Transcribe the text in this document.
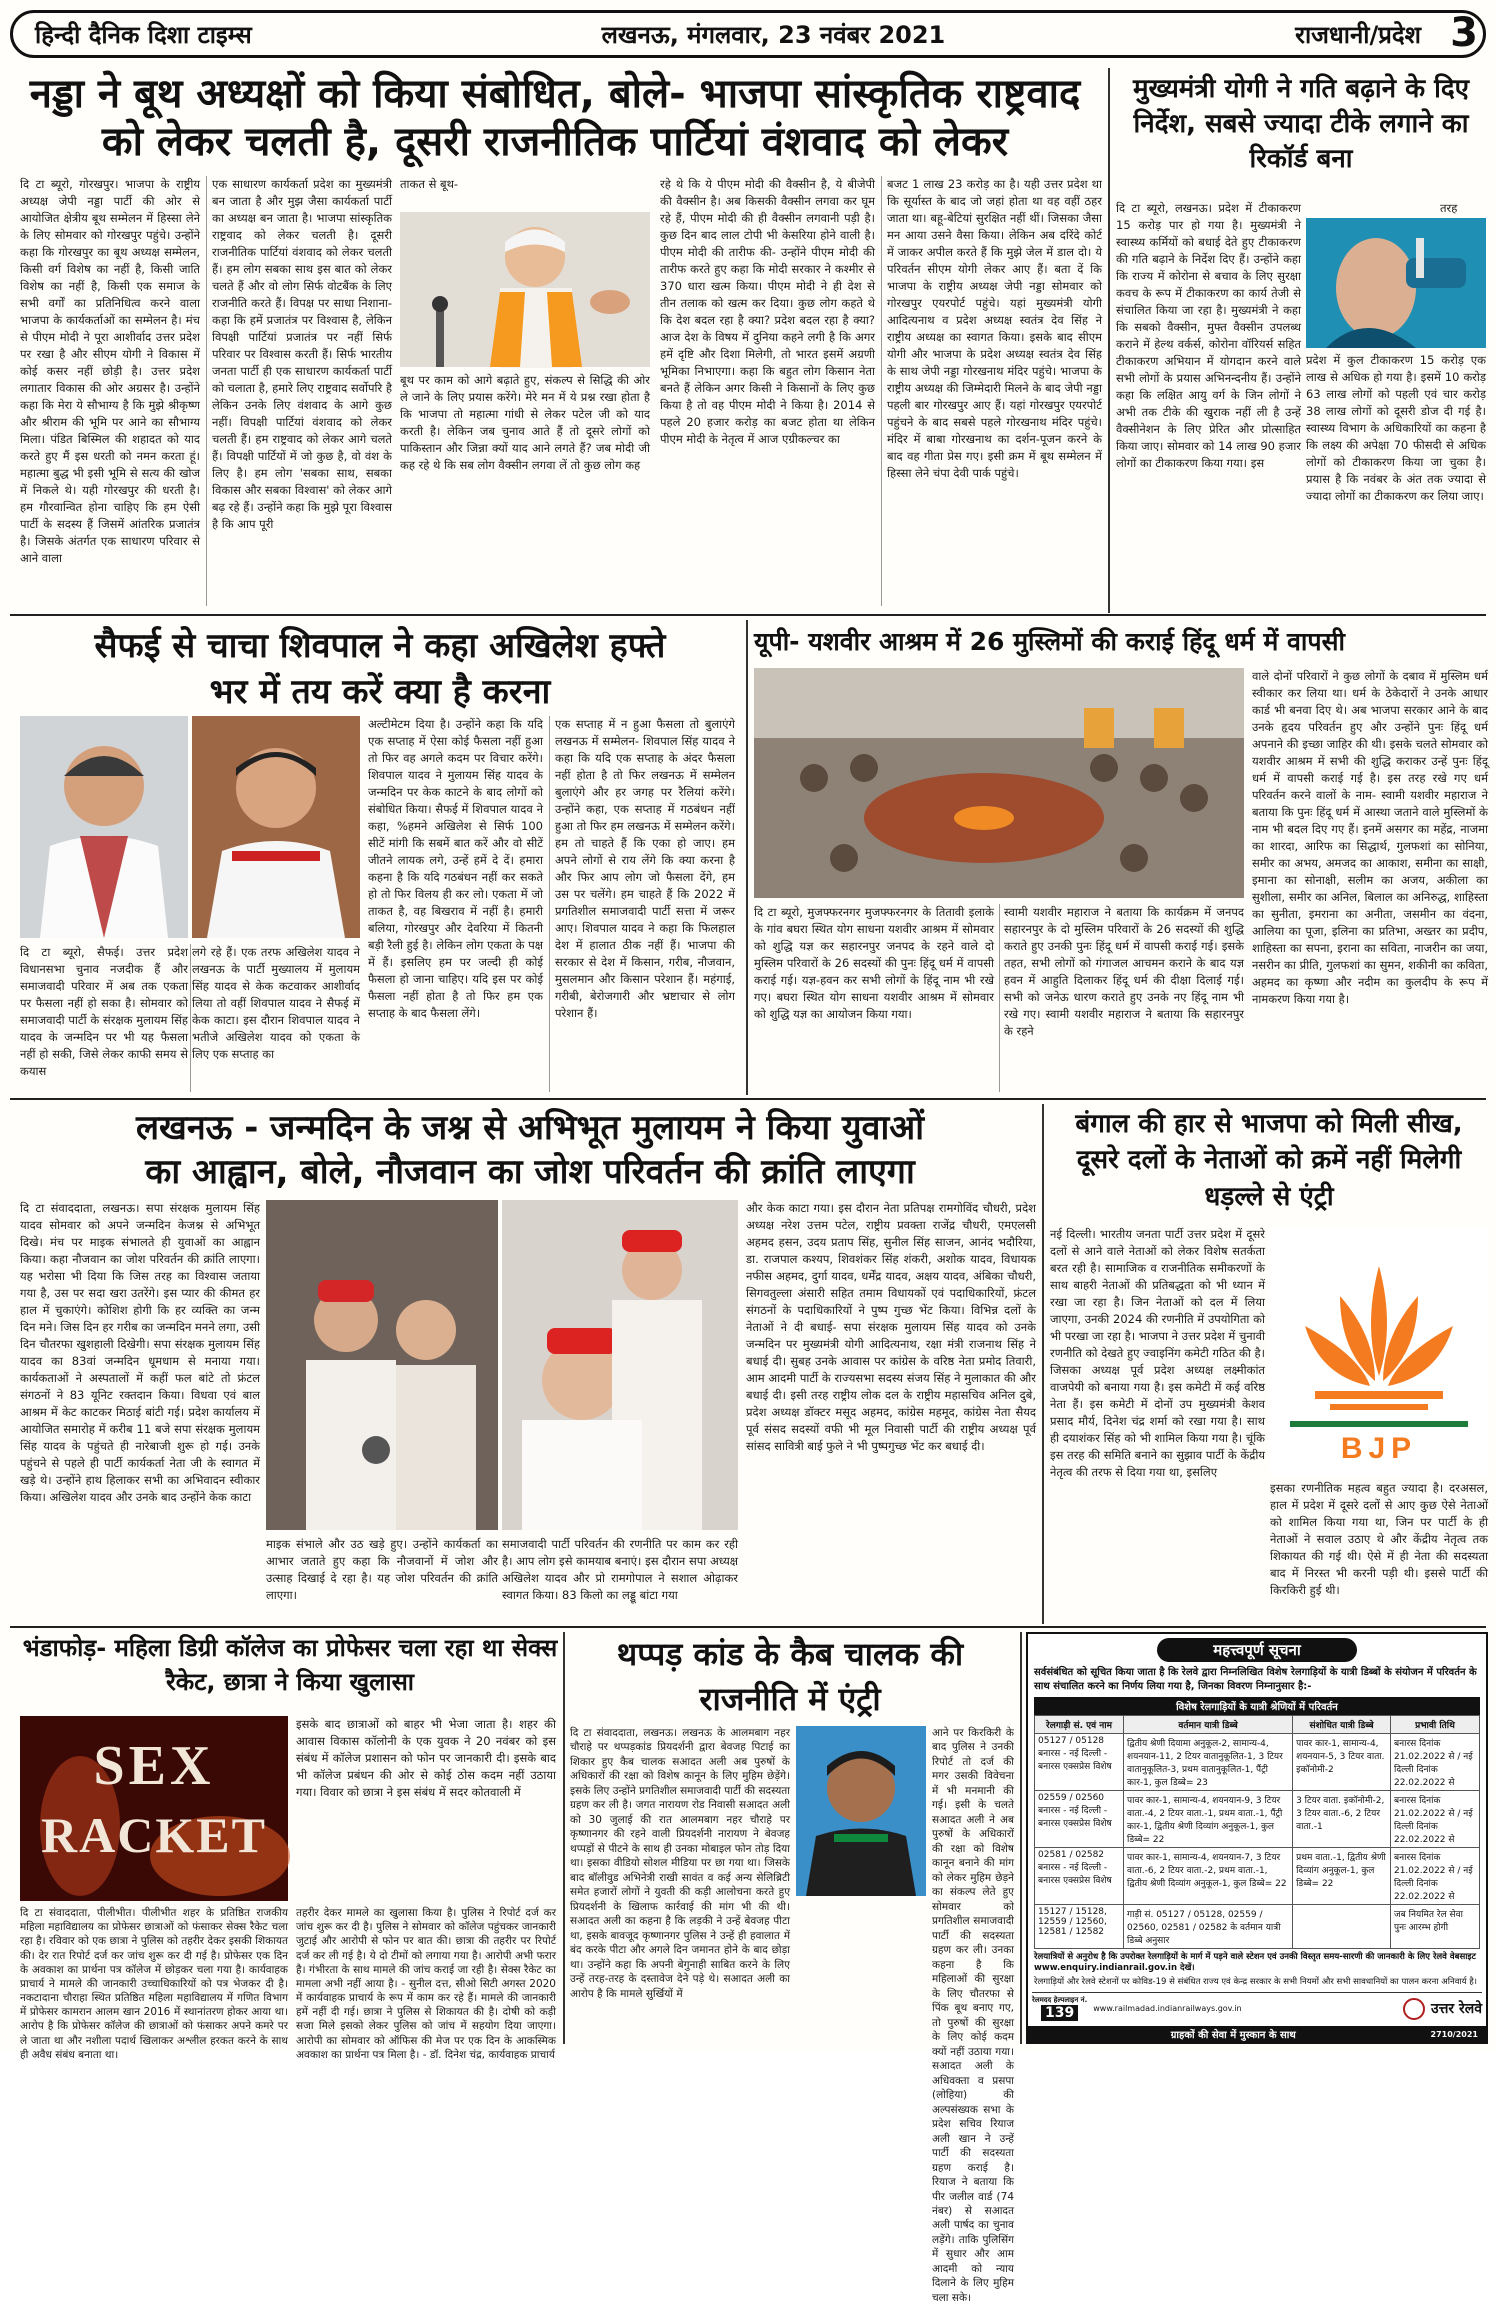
हिन्दी दैनिक दिशा टाइम्स	लखनऊ, मंगलवार, 23 नवंबर 2021	राजधानी/प्रदेश 3
नड्डा ने बूथ अध्यक्षों को किया संबोधित, बोले- भाजपा सांस्कृतिक राष्ट्रवाद
को लेकर चलती है, दूसरी राजनीतिक पार्टियां वंशवाद को लेकर
दि टा ब्यूरो, गोरखपुर। भाजपा के राष्ट्रीय अध्यक्ष जेपी नड्डा पार्टी की ओर से आयोजित क्षेत्रीय बूथ सम्मेलन में हिस्सा लेने के लिए सोमवार को गोरखपुर पहुंचे। उन्होंने कहा कि गोरखपुर का बूथ अध्यक्ष सम्मेलन, किसी वर्ग विशेष का नहीं है, किसी जाति विशेष का नहीं है, किसी एक समाज के सभी वर्गों का प्रतिनिधित्व करने वाला भाजपा के कार्यकर्ताओं का सम्मेलन है। मंच से पीएम मोदी ने पूरा आशीर्वाद उत्तर प्रदेश पर रखा है और सीएम योगी ने विकास में कोई कसर नहीं छोड़ी है। उत्तर प्रदेश लगातार विकास की ओर अग्रसर है। उन्होंने कहा कि मेरा ये सौभाग्य है कि मुझे श्रीकृष्ण और श्रीराम की भूमि पर आने का सौभाग्य मिला। पंडित बिस्मिल की शहादत को याद करते हुए मैं इस धरती को नमन करता हूं। महात्मा बुद्ध भी इसी भूमि से सत्य की खोज में निकले थे। यही गोरखपुर की धरती है। हम गौरवान्वित होना चाहिए कि हम ऐसी पार्टी के सदस्य हैं जिसमें आंतरिक प्रजातंत्र है। जिसके अंतर्गत एक साधारण परिवार से आने वाला
एक साधारण कार्यकर्ता प्रदेश का मुख्यमंत्री बन जाता है और मुझ जैसा कार्यकर्ता पार्टी का अध्यक्ष बन जाता है। भाजपा सांस्कृतिक राष्ट्रवाद को लेकर चलती है। दूसरी राजनीतिक पार्टियां वंशवाद को लेकर चलती हैं। हम लोग सबका साथ इस बात को लेकर चलते हैं और वो लोग सिर्फ वोटबैंक के लिए राजनीति करते हैं। विपक्ष पर साधा निशाना- कहा कि हमें प्रजातंत्र पर विश्वास है, लेकिन विपक्षी पार्टियां प्रजातंत्र पर नहीं सिर्फ परिवार पर विश्वास करती हैं। सिर्फ भारतीय जनता पार्टी ही एक साधारण कार्यकर्ता पार्टी को चलाता है, हमारे लिए राष्ट्रवाद सर्वोपरि है लेकिन उनके लिए वंशवाद के आगे कुछ नहीं। विपक्षी पार्टियां वंशवाद को लेकर चलती हैं। हम राष्ट्रवाद को लेकर आगे चलते हैं। विपक्षी पार्टियों में जो कुछ है, वो वंश के लिए है। हम लोग 'सबका साथ, सबका विकास और सबका विश्वास' को लेकर आगे बढ़ रहे हैं। उन्होंने कहा कि मुझे पूरा विश्वास है कि आप पूरी
ताकत से बूथ-
बूथ पर काम को आगे बढ़ाते हुए, संकल्प से सिद्धि की ओर ले जाने के लिए प्रयास करेंगे। मेरे मन में ये प्रश्न रखा होता है कि भाजपा तो महात्मा गांधी से लेकर पटेल जी को याद करती है। लेकिन जब चुनाव आते हैं तो दूसरे लोगों को पाकिस्तान और जिन्ना क्यों याद आने लगते हैं? जब मोदी जी कह रहे थे कि सब लोग वैक्सीन लगवा लें तो कुछ लोग कह
रहे थे कि ये पीएम मोदी की वैक्सीन है, ये बीजेपी की वैक्सीन है। अब किसकी वैक्सीन लगवा कर घूम रहे हैं, पीएम मोदी की ही वैक्सीन लगवानी पड़ी है। कुछ दिन बाद लाल टोपी भी केसरिया होने वाली है। पीएम मोदी की तारीफ की- उन्होंने पीएम मोदी की तारीफ करते हुए कहा कि मोदी सरकार ने कश्मीर से 370 धारा खत्म किया। पीएम मोदी ने ही देश से तीन तलाक को खत्म कर दिया। कुछ लोग कहते थे कि देश बदल रहा है क्या? प्रदेश बदल रहा है क्या? आज देश के विषय में दुनिया कहने लगी है कि अगर हमें दृष्टि और दिशा मिलेगी, तो भारत इसमें अग्रणी भूमिका निभाएगा। कहा कि बहुत लोग किसान नेता बनते हैं लेकिन अगर किसी ने किसानों के लिए कुछ किया है तो वह पीएम मोदी ने किया है। 2014 से पहले 20 हजार करोड़ का बजट होता था लेकिन पीएम मोदी के नेतृत्व में आज एग्रीकल्चर का
बजट 1 लाख 23 करोड़ का है। यही उत्तर प्रदेश था कि सूर्यास्त के बाद जो जहां होता था वह वहीं ठहर जाता था। बहू-बेटियां सुरक्षित नहीं थीं। जिसका जैसा मन आया उसने वैसा किया। लेकिन अब दरिंदे कोर्ट में जाकर अपील करते हैं कि मुझे जेल में डाल दो। ये परिवर्तन सीएम योगी लेकर आए हैं। बता दें कि भाजपा के राष्ट्रीय अध्यक्ष जेपी नड्डा सोमवार को गोरखपुर एयरपोर्ट पहुंचे। यहां मुख्यमंत्री योगी आदित्यनाथ व प्रदेश अध्यक्ष स्वतंत्र देव सिंह ने राष्ट्रीय अध्यक्ष का स्वागत किया। इसके बाद सीएम योगी और भाजपा के प्रदेश अध्यक्ष स्वतंत्र देव सिंह के साथ जेपी नड्डा गोरखनाथ मंदिर पहुंचे। भाजपा के राष्ट्रीय अध्यक्ष की जिम्मेदारी मिलने के बाद जेपी नड्डा पहली बार गोरखपुर आए हैं। यहां गोरखपुर एयरपोर्ट पहुंचने के बाद सबसे पहले गोरखनाथ मंदिर पहुंचे। मंदिर में बाबा गोरखनाथ का दर्शन-पूजन करने के बाद वह गीता प्रेस गए। इसी क्रम में बूथ सम्मेलन में हिस्सा लेने चंपा देवी पार्क पहुंचे।
मुख्यमंत्री योगी ने गति बढ़ाने के दिए निर्देश, सबसे ज्यादा टीके लगाने का रिकॉर्ड बना
दि टा ब्यूरो, लखनऊ। प्रदेश में टीकाकरण 15 करोड़ पार हो गया है। मुख्यमंत्री ने स्वास्थ्य कर्मियों को बधाई देते हुए टीकाकरण की गति बढ़ाने के निर्देश दिए हैं। उन्होंने कहा कि राज्य में कोरोना से बचाव के लिए सुरक्षा कवच के रूप में टीकाकरण का कार्य तेजी से संचालित किया जा रहा है। मुख्यमंत्री ने कहा कि सबको वैक्सीन, मुफ्त वैक्सीन उपलब्ध कराने में हेल्थ वर्कर्स, कोरोना वॉरियर्स सहित टीकाकरण अभियान में योगदान करने वाले सभी लोगों के प्रयास अभिनन्दनीय हैं। उन्होंने कहा कि लक्षित आयु वर्ग के जिन लोगों ने अभी तक टीके की खुराक नहीं ली है उन्हें वैक्सीनेशन के लिए प्रेरित और प्रोत्साहित किया जाए। सोमवार को 14 लाख 90 हजार लोगों का टीकाकरण किया गया। इस
तरह
प्रदेश में कुल टीकाकरण 15 करोड़ एक लाख से अधिक हो गया है। इसमें 10 करोड़ 63 लाख लोगों को पहली एवं चार करोड़ 38 लाख लोगों को दूसरी डोज दी गई है। स्वास्थ्य विभाग के अधिकारियों का कहना है कि लक्ष्य की अपेक्षा 70 फीसदी से अधिक लोगों को टीकाकरण किया जा चुका है। प्रयास है कि नवंबर के अंत तक ज्यादा से ज्यादा लोगों का टीकाकरण कर लिया जाए।
सैफई से चाचा शिवपाल ने कहा अखिलेश हफ्ते
भर में तय करें क्या है करना
दि टा ब्यूरो, सैफई। उत्तर प्रदेश विधानसभा चुनाव नजदीक हैं और समाजवादी परिवार में अब तक एकता पर फैसला नहीं हो सका है। सोमवार को समाजवादी पार्टी के संरक्षक मुलायम सिंह यादव के जन्मदिन पर भी यह फैसला नहीं हो सकी, जिसे लेकर काफी समय से कयास
लगे रहे हैं। एक तरफ अखिलेश यादव ने लखनऊ के पार्टी मुख्यालय में मुलायम सिंह यादव से केक कटवाकर आशीर्वाद लिया तो वहीं शिवपाल यादव ने सैफई में केक काटा। इस दौरान शिवपाल यादव ने भतीजे अखिलेश यादव को एकता के लिए एक सप्ताह का
अल्टीमेटम दिया है। उन्होंने कहा कि यदि एक सप्ताह में ऐसा कोई फैसला नहीं हुआ तो फिर वह अगले कदम पर विचार करेंगे। शिवपाल यादव ने मुलायम सिंह यादव के जन्मदिन पर केक काटने के बाद लोगों को संबोधित किया। सैफई में शिवपाल यादव ने कहा, %हमने अखिलेश से सिर्फ 100 सीटें मांगी कि सबमें बात करें और वो सीटें जीतने लायक लगे, उन्हें हमें दे दें। हमारा कहना है कि यदि गठबंधन नहीं कर सकते हो तो फिर विलय ही कर लो। एकता में जो ताकत है, वह बिखराव में नहीं है। हमारी बलिया, गोरखपुर और देवरिया में कितनी बड़ी रैली हुई है। लेकिन लोग एकता के पक्ष में हैं। इसलिए हम पर जल्दी ही कोई फैसला हो जाना चाहिए। यदि इस पर कोई फैसला नहीं होता है तो फिर हम एक सप्ताह के बाद फैसला लेंगे।
एक सप्ताह में न हुआ फैसला तो बुलाएंगे लखनऊ में सम्मेलन- शिवपाल सिंह यादव ने कहा कि यदि एक सप्ताह के अंदर फैसला नहीं होता है तो फिर लखनऊ में सम्मेलन बुलाएंगे और हर जगह पर रैलियां करेंगे। उन्होंने कहा, एक सप्ताह में गठबंधन नहीं हुआ तो फिर हम लखनऊ में सम्मेलन करेंगे। हम तो चाहते हैं कि एका हो जाए। हम अपने लोगों से राय लेंगे कि क्या करना है और फिर आप लोग जो फैसला देंगे, हम उस पर चलेंगे। हम चाहते हैं कि 2022 में प्रगतिशील समाजवादी पार्टी सत्ता में जरूर आए। शिवपाल यादव ने कहा कि फिलहाल देश में हालात ठीक नहीं हैं। भाजपा की सरकार से देश में किसान, गरीब, नौजवान, मुसलमान और किसान परेशान हैं। महंगाई, गरीबी, बेरोजगारी और भ्रष्टाचार से लोग परेशान हैं।
यूपी- यशवीर आश्रम में 26 मुस्लिमों की कराई हिंदू धर्म में वापसी
दि टा ब्यूरो, मुजफ्फरनगर मुजफ्फरनगर के तितावी इलाके के गांव बघरा स्थित योग साधना यशवीर आश्रम में सोमवार को शुद्धि यज्ञ कर सहारनपुर जनपद के रहने वाले दो मुस्लिम परिवारों के 26 सदस्यों की पुनः हिंदू धर्म में वापसी कराई गई। यज्ञ-हवन कर सभी लोगों के हिंदू नाम भी रखे गए। बघरा स्थित योग साधना यशवीर आश्रम में सोमवार को शुद्धि यज्ञ का आयोजन किया गया।
स्वामी यशवीर महाराज ने बताया कि कार्यक्रम में जनपद सहारनपुर के दो मुस्लिम परिवारों के 26 सदस्यों की शुद्धि कराते हुए उनकी पुनः हिंदू धर्म में वापसी कराई गई। इसके तहत, सभी लोगों को गंगाजल आचमन कराने के बाद यज्ञ हवन में आहुति दिलाकर हिंदू धर्म की दीक्षा दिलाई गई। सभी को जनेऊ धारण कराते हुए उनके नए हिंदू नाम भी रखे गए। स्वामी यशवीर महाराज ने बताया कि सहारनपुर के रहने
वाले दोनों परिवारों ने कुछ लोगों के दबाव में मुस्लिम धर्म स्वीकार कर लिया था। धर्म के ठेकेदारों ने उनके आधार कार्ड भी बनवा दिए थे। अब भाजपा सरकार आने के बाद उनके हृदय परिवर्तन हुए और उन्होंने पुनः हिंदू धर्म अपनाने की इच्छा जाहिर की थी। इसके चलते सोमवार को यशवीर आश्रम में सभी की शुद्धि कराकर उन्हें पुनः हिंदू धर्म में वापसी कराई गई है। इस तरह रखे गए धर्म परिवर्तन करने वालों के नाम- स्वामी यशवीर महाराज ने बताया कि पुनः हिंदू धर्म में आस्था जताने वाले मुस्लिमों के नाम भी बदल दिए गए हैं। इनमें असगर का महेंद्र, नाजमा का शारदा, आरिफ का सिद्धार्थ, गुलफशां का सोनिया, समीर का अभय, अमजद का आकाश, समीना का साक्षी, इमाना का सोनाक्षी, सलीम का अजय, अकीला का सुशीला, समीर का अनिल, बिलाल का अनिरुद्ध, शाहिस्ता का सुनीता, इमराना का अनीता, जसमीन का वंदना, आलिया का पूजा, इलिना का प्रतिभा, अख्तर का प्रदीप, शाहिस्ता का सपना, इराना का सविता, नाजरीन का जया, नसरीन का प्रीति, गुलफशां का सुमन, शकीनी का कविता, अहमद का कृष्णा और नदीम का कुलदीप के रूप में नामकरण किया गया है।
लखनऊ - जन्मदिन के जश्न से अभिभूत मुलायम ने किया युवाओं
का आह्वान, बोले, नौजवान का जोश परिवर्तन की क्रांति लाएगा
दि टा संवाददाता, लखनऊ। सपा संरक्षक मुलायम सिंह यादव सोमवार को अपने जन्मदिन केजश्न से अभिभूत दिखे। मंच पर माइक संभालते ही युवाओं का आह्वान किया। कहा नौजवान का जोश परिवर्तन की क्रांति लाएगा। यह भरोसा भी दिया कि जिस तरह का विश्वास जताया गया है, उस पर सदा खरा उतरेंगे। इस प्यार की कीमत हर हाल में चुकाएंगे। कोशिश होगी कि हर व्यक्ति का जन्म दिन मने। जिस दिन हर गरीब का जन्मदिन मनने लगा, उसी दिन चौतरफा खुशहाली दिखेगी। सपा संरक्षक मुलायम सिंह यादव का 83वां जन्मदिन धूमधाम से मनाया गया। कार्यकताओं ने अस्पतालों में कहीं फल बांटे तो फ्रंटल संगठनों ने 83 यूनिट रक्तदान किया। विधवा एवं बाल आश्रम में केट काटकर मिठाई बांटी गई। प्रदेश कार्यालय में आयोजित समारोह में करीब 11 बजे सपा संरक्षक मुलायम सिंह यादव के पहुंचते ही नारेबाजी शुरू हो गई। उनके पहुंचने से पहले ही पार्टी कार्यकर्ता नेता जी के स्वागत में खड़े थे। उन्होंने हाथ हिलाकर सभी का अभिवादन स्वीकार किया। अखिलेश यादव और उनके बाद उन्होंने केक काटा
माइक संभाले और उठ खड़े हुए। उन्होंने कार्यकर्ता का आभार जताते हुए कहा कि नौजवानों में जोश और उत्साह दिखाई दे रहा है। यह जोश परिवर्तन की क्रांति लाएगा।
समाजवादी पार्टी परिवर्तन की रणनीति पर काम कर रही है। आप लोग इसे कामयाब बनाएं। इस दौरान सपा अध्यक्ष अखिलेश यादव और प्रो रामगोपाल ने सशाल ओढ़ाकर स्वागत किया। 83 किलो का लड्डू बांटा गया
और केक काटा गया। इस दौरान नेता प्रतिपक्ष रामगोविंद चौधरी, प्रदेश अध्यक्ष नरेश उत्तम पटेल, राष्ट्रीय प्रवक्ता राजेंद्र चौधरी, एमएलसी अहमद हसन, उदय प्रताप सिंह, सुनील सिंह साजन, आनंद भदौरिया, डा. राजपाल कश्यप, शिवशंकर सिंह शंकरी, अशोक यादव, विधायक नफीस अहमद, दुर्गा यादव, धर्मेंद्र यादव, अक्षय यादव, अंबिका चौधरी, सिगवतुल्ला अंसारी सहित तमाम विधायकों एवं पदाधिकारियों, फ्रंटल संगठनों के पदाधिकारियों ने पुष्प गुच्छ भेंट किया। विभिन्न दलों के नेताओं ने दी बधाई- सपा संरक्षक मुलायम सिंह यादव को उनके जन्मदिन पर मुख्यमंत्री योगी आदित्यनाथ, रक्षा मंत्री राजनाथ सिंह ने बधाई दी। सुबह उनके आवास पर कांग्रेस के वरिष्ठ नेता प्रमोद तिवारी, आम आदमी पार्टी के राज्यसभा सदस्य संजय सिंह ने मुलाकात की और बधाई दी। इसी तरह राष्ट्रीय लोक दल के राष्ट्रीय महासचिव अनिल दुबे, प्रदेश अध्यक्ष डॉक्टर मसूद अहमद, कांग्रेस महमूद, कांग्रेस नेता सैयद पूर्व संसद सदस्यों वफी भी मूल निवासी पार्टी की राष्ट्रीय अध्यक्ष पूर्व सांसद सावित्री बाई फुले ने भी पुष्पगुच्छ भेंट कर बधाई दी।
बंगाल की हार से भाजपा को मिली सीख, दूसरे दलों के नेताओं को क्रमें नहीं मिलेगी धड़ल्ले से एंट्री
नई दिल्ली। भारतीय जनता पार्टी उत्तर प्रदेश में दूसरे दलों से आने वाले नेताओं को लेकर विशेष सतर्कता बरत रही है। सामाजिक व राजनीतिक समीकरणों के साथ बाहरी नेताओं की प्रतिबद्धता को भी ध्यान में रखा जा रहा है। जिन नेताओं को दल में लिया जाएगा, उनकी 2024 की रणनीति में उपयोगिता को भी परखा जा रहा है। भाजपा ने उत्तर प्रदेश में चुनावी रणनीति को देखते हुए ज्वाइनिंग कमेटी गठित की है। जिसका अध्यक्ष पूर्व प्रदेश अध्यक्ष लक्ष्मीकांत वाजपेयी को बनाया गया है। इस कमेटी में कई वरिष्ठ नेता हैं। इस कमेटी में दोनों उप मुख्यमंत्री केशव प्रसाद मौर्य, दिनेश चंद्र शर्मा को रखा गया है। साथ ही दयाशंकर सिंह को भी शामिल किया गया है। चूंकि इस तरह की समिति बनाने का सुझाव पार्टी के केंद्रीय नेतृत्व की तरफ से दिया गया था, इसलिए
BJP
इसका रणनीतिक महत्व बहुत ज्यादा है। दरअसल, हाल में प्रदेश में दूसरे दलों से आए कुछ ऐसे नेताओं को शामिल किया गया था, जिन पर पार्टी के ही नेताओं ने सवाल उठाए थे और केंद्रीय नेतृत्व तक शिकायत की गई थी। ऐसे में ही नेता की सदस्यता बाद में निरस्त भी करनी पड़ी थी। इससे पार्टी की किरकिरी हुई थी।
भंडाफोड़- महिला डिग्री कॉलेज का प्रोफेसर चला रहा था सेक्स रैकेट, छात्रा ने किया खुलासा
SEX
RACKET
इसके बाद छात्राओं को बाहर भी भेजा जाता है। शहर की आवास विकास कॉलोनी के एक युवक ने 20 नवंबर को इस संबंध में कॉलेज प्रशासन को फोन पर जानकारी दी। इसके बाद भी कॉलेज प्रबंधन की ओर से कोई ठोस कदम नहीं उठाया गया। विवार को छात्रा ने इस संबंध में सदर कोतवाली में
दि टा संवाददाता, पीलीभीत। पीलीभीत शहर के प्रतिष्ठित राजकीय महिला महाविद्यालय का प्रोफेसर छात्राओं को फंसाकर सेक्स रैकेट चला रहा है। रविवार को एक छात्रा ने पुलिस को तहरीर देकर इसकी शिकायत की। देर रात रिपोर्ट दर्ज कर जांच शुरू कर दी गई है। प्रोफेसर एक दिन के अवकाश का प्रार्थना पत्र कॉलेज में छोड़कर चला गया है। कार्यवाहक प्राचार्य ने मामले की जानकारी उच्चाधिकारियों को पत्र भेजकर दी है। नकटादाना चौराहा स्थित प्रतिष्ठित महिला महाविद्यालय में गणित विभाग में प्रोफेसर कामरान आलम खान 2016 में स्थानांतरण होकर आया था। आरोप है कि प्रोफेसर कॉलेज की छात्राओं को फंसाकर अपने कमरे पर ले जाता था और नशीला पदार्थ खिलाकर अश्लील हरकत करने के साथ ही अवैध संबंध बनाता था।
तहरीर देकर मामले का खुलासा किया है। पुलिस ने रिपोर्ट दर्ज कर जांच शुरू कर दी है। पुलिस ने सोमवार को कॉलेज पहुंचकर जानकारी जुटाई और आरोपी से फोन पर बात की। छात्रा की तहरीर पर रिपोर्ट दर्ज कर ली गई है। ये दो टीमों को लगाया गया है। आरोपी अभी फरार है। गंभीरता के साथ मामले की जांच कराई जा रही है। सेक्स रैकेट का मामला अभी नहीं आया है। - सुनील दत्त, सीओ सिटी अगस्त 2020 में कार्यवाहक प्राचार्य के रूप में काम कर रहे हैं। मामले की जानकारी हमें नहीं दी गई। छात्रा ने पुलिस से शिकायत की है। दोषी को कड़ी सजा मिले इसको लेकर पुलिस को जांच में सहयोग दिया जाएगा। आरोपी का सोमवार को ऑफिस की मेज पर एक दिन के आकस्मिक अवकाश का प्रार्थना पत्र मिला है। - डॉ. दिनेश चंद्र, कार्यवाहक प्राचार्य
थप्पड़ कांड के कैब चालक की
राजनीति में एंट्री
दि टा संवाददाता, लखनऊ। लखनऊ के आलमबाग नहर चौराहे पर थप्पड़कांड प्रियदर्शनी द्वारा बेवजह पिटाई का शिकार हुए कैब चालक सआदत अली अब पुरुषों के अधिकारों की रक्षा को विशेष कानून के लिए मुहिम छेड़ेंगे। इसके लिए उन्होंने प्रगतिशील समाजवादी पार्टी की सदस्यता ग्रहण कर ली है। जगत नारायण रोड निवासी सआदत अली को 30 जुलाई की रात आलमबाग नहर चौराहे पर कृष्णानगर की रहने वाली प्रियदर्शनी नारायण ने बेवजह थप्पड़ों से पीटने के साथ ही उनका मोबाइल फोन तोड़ दिया था। इसका वीडियो सोशल मीडिया पर छा गया था। जिसके बाद बॉलीवुड अभिनेत्री राखी सावंत व कई अन्य सेलिब्रिटी समेत हजारों लोगों ने युवती की कड़ी आलोचना करते हुए प्रियदर्शनी के खिलाफ कार्रवाई की मांग भी की थी। सआदत अली का कहना है कि लड़की ने उन्हें बेवजह पीटा था, इसके बावजूद कृष्णानगर पुलिस ने उन्हें ही हवालात में बंद करके पीटा और अगले दिन जमानत होने के बाद छोड़ा था। उन्होंने कहा कि अपनी बेगुनाही साबित करने के लिए उन्हें तरह-तरह के दस्तावेज देने पड़े थे। सआदत अली का आरोप है कि मामले सुर्खियों में
आने पर किरकिरी के बाद पुलिस ने उनकी रिपोर्ट तो दर्ज की मगर उसकी विवेचना में भी मनमानी की गई। इसी के चलते सआदत अली ने अब पुरुषों के अधिकारों की रक्षा को विशेष कानून बनाने की मांग को लेकर मुहिम छेड़ने का संकल्प लेते हुए सोमवार को प्रगतिशील समाजवादी पार्टी की सदस्यता ग्रहण कर ली। उनका कहना है कि महिलाओं की सुरक्षा के लिए चौतरफा से पिंक बूथ बनाए गए, तो पुरुषों की सुरक्षा के लिए कोई कदम क्यों नहीं उठाया गया। सआदत अली के अधिवक्ता व प्रसपा (लोहिया) की अल्पसंख्यक सभा के प्रदेश सचिव रियाज अली खान ने उन्हें पार्टी की सदस्यता ग्रहण कराई है। रियाज ने बताया कि पीर जलील वार्ड (74 नंबर) से सआदत अली पार्षद का चुनाव लड़ेंगे। ताकि पुलिसिंग में सुधार और आम आदमी को न्याय दिलाने के लिए मुहिम चला सके।
महत्त्वपूर्ण सूचना
सर्वसंबंधित को सूचित किया जाता है कि रेलवे द्वारा निम्नलिखित विशेष रेलगाड़ियों के यात्री डिब्बों के संयोजन में परिवर्तन के साथ संचालित करने का निर्णय लिया गया है, जिनका विवरण निम्नानुसार है:-
विशेष रेलगाड़ियों के यात्री श्रेणियों में परिवर्तन
रेलगाड़ी सं. एवं नाम	वर्तमान यात्री डिब्बे	संशोधित यात्री डिब्बे	प्रभावी तिथि
05127 / 05128 बनारस - नई दिल्ली - बनारस एक्सप्रेस विशेष	द्वितीय श्रेणी दियामा अनुकूल-2, सामान्य-4, शयनयान-11, 2 टियर वातानुकूलित-1, 3 टियर वातानुकूलित-3, प्रथम वातानुकूलित-1, पैंट्री कार-1, कुल डिब्बे= 23	पावर कार-1, सामान्य-4, शयनयान-5, 3 टियर वाता. इकॉनोमी-2	बनारस दिनांक 21.02.2022 से / नई दिल्ली दिनांक 22.02.2022 से
02559 / 02560 बनारस - नई दिल्ली - बनारस एक्सप्रेस विशेष	पावर कार-1, सामान्य-4, शयनयान-9, 3 टियर वाता.-4, 2 टियर वाता.-1, प्रथम वाता.-1, पैंट्री कार-1, द्वितीय श्रेणी दिव्यांग अनुकूल-1, कुल डिब्बे= 22	3 टियर वाता. इकॉनोमी-2, 3 टियर वाता.-6, 2 टियर वाता.-1	बनारस दिनांक 21.02.2022 से / नई दिल्ली दिनांक 22.02.2022 से
02581 / 02582 बनारस - नई दिल्ली - बनारस एक्सप्रेस विशेष	पावर कार-1, सामान्य-4, शयनयान-7, 3 टियर वाता.-6, 2 टियर वाता.-2, प्रथम वाता.-1, द्वितीय श्रेणी दिव्यांग अनुकूल-1, कुल डिब्बे= 22	प्रथम वाता.-1, द्वितीय श्रेणी दिव्यांग अनुकूल-1, कुल डिब्बे= 22	बनारस दिनांक 21.02.2022 से / नई दिल्ली दिनांक 22.02.2022 से
15127 / 15128, 12559 / 12560, 12581 / 12582	गाड़ी सं. 05127 / 05128, 02559 / 02560, 02581 / 02582 के वर्तमान यात्री डिब्बे अनुसार		जब नियमित रेल सेवा पुनः आरम्भ होगी
रेलयात्रियों से अनुरोध है कि उपरोक्त रेलगाड़ियों के मार्ग में पड़ने वाले स्टेशन एवं उनकी विस्तृत समय-सारणी की जानकारी के लिए रेलवे वेबसाइट www.enquiry.indianrail.gov.in देखें।
रेलगाड़ियों और रेलवे स्टेशनों पर कोविड-19 से संबंधित राज्य एवं केन्द्र सरकार के सभी नियमों और सभी सावधानियों का पालन करना अनिवार्य है।
रेलमदद हेल्पलाइन नं.
139	www.railmadad.indianrailways.gov.in	उत्तर रेलवे
ग्राहकों की सेवा में मुस्कान के साथ	2710/2021
